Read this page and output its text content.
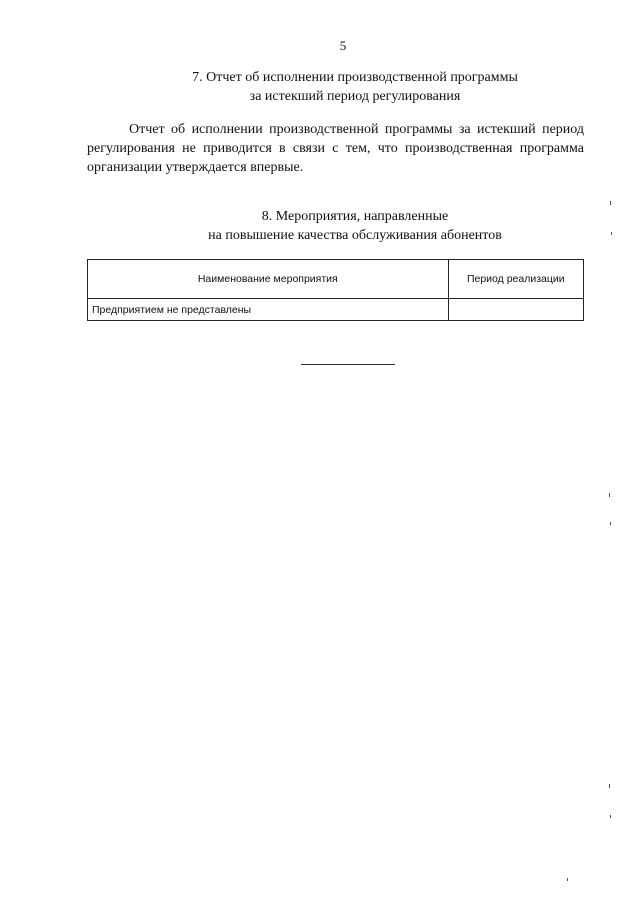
5
7. Отчет об исполнении производственной программы
за истекший период регулирования

Отчет об исполнении производственной программы за истекший период регулирования не приводится в связи с тем, что производственная программа организации утверждается впервые.

8. Мероприятия, направленные
на повышение качества обслуживания абонентов
Наименование мероприятия	Период реализации
Предприятием не представлены	
